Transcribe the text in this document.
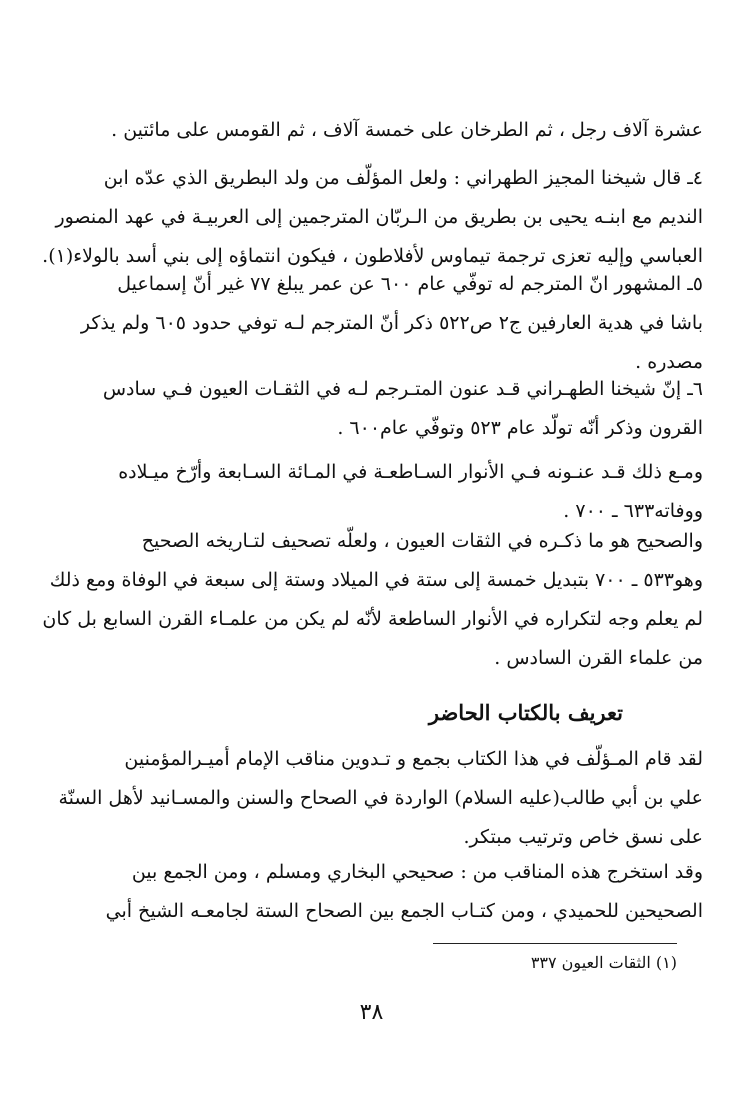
عشرة آلاف رجل ، ثم الطرخان على خمسة آلاف ، ثم القومس على مائتين .
٤ـ قال شيخنا المجيز الطهراني : ولعل المؤلّف من ولد البطريق الذي عدّه ابن
النديم مع ابنـه يحيى بن بطريق من الـربّان المترجمين إلى العربيـة في عهد المنصور
العباسي وإليه تعزى ترجمة تيماوس لأفلاطون ، فيكون انتماؤه إلى بني أسد بالولاء(١).
٥ـ المشهور انّ المترجم له توفّي عام ٦٠٠ عن عمر يبلغ ٧٧ غير أنّ إسماعيل
باشا في هدية العارفين ج٢ ص٥٢٢ ذكر أنّ المترجم لـه توفي حدود ٦٠٥ ولم يذكر
مصدره .
٦ـ إنّ شيخنا الطهـراني قـد عنون المتـرجم لـه في الثقـات العيون فـي سادس
القرون وذكر أنّه تولّد عام ٥٢٣ وتوفّي عام٦٠٠ .
ومـع ذلك قـد عنـونه فـي الأنوار السـاطعـة في المـائة السـابعة وأرّخ ميـلاده
ووفاته٦٣٣ ـ ٧٠٠ .
والصحيح هو ما ذكـره في الثقات العيون ، ولعلّه تصحيف لتـاريخه الصحيح
وهو٥٣٣ ـ ٧٠٠ بتبديل خمسة إلى ستة في الميلاد وستة إلى سبعة في الوفاة ومع ذلك
لم يعلم وجه لتكراره في الأنوار الساطعة لأنّه لم يكن من علمـاء القرن السابع بل كان
من علماء القرن السادس .
تعريف بالكتاب الحاضر
لقد قام المـؤلّف في هذا الكتاب بجمع و تـدوين مناقب الإمام أميـرالمؤمنين
علي بن أبي طالب(عليه السلام) الواردة في الصحاح والسنن والمسـانيد لأهل السنّة
على نسق خاص وترتيب مبتكر.
وقد استخرج هذه المناقب من : صحيحي البخاري ومسلم ، ومن الجمع بين
الصحيحين للحميدي ، ومن كتـاب الجمع بين الصحاح الستة لجامعـه الشيخ أبي
(١) الثقات العيون ٣٣٧
٣٨
